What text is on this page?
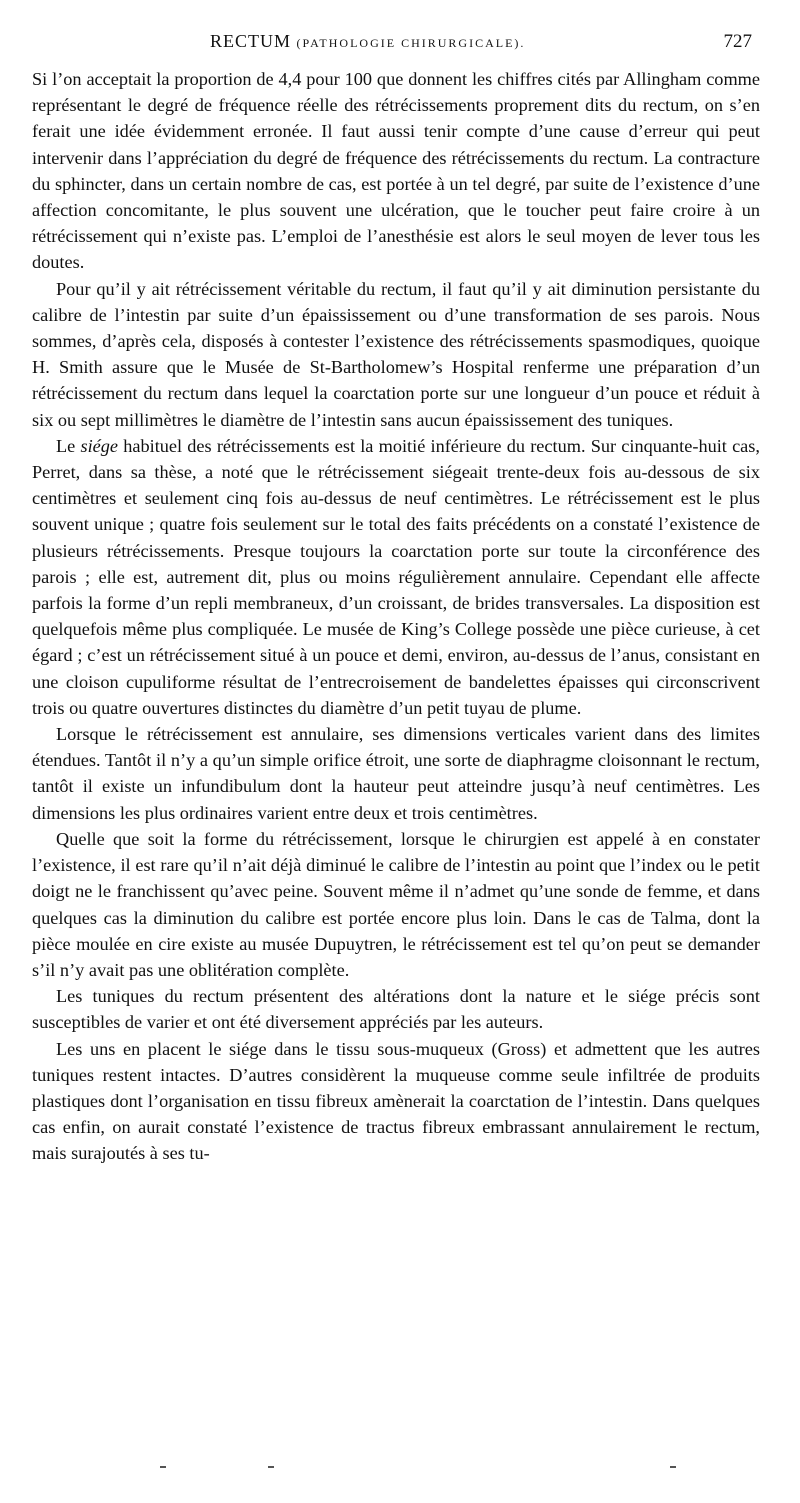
RECTUM (PATHOLOGIE CHIRURGICALE).	727

Si l’on acceptait la proportion de 4,4 pour 100 que donnent les chiffres cités par Allingham comme représentant le degré de fréquence réelle des rétrécissements proprement dits du rectum, on s’en ferait une idée évidemment erronée. Il faut aussi tenir compte d’une cause d’erreur qui peut intervenir dans l’appréciation du degré de fréquence des rétrécissements du rectum. La contracture du sphincter, dans un certain nombre de cas, est portée à un tel degré, par suite de l’existence d’une affection concomitante, le plus souvent une ulcération, que le toucher peut faire croire à un rétrécissement qui n’existe pas. L’emploi de l’anesthésie est alors le seul moyen de lever tous les doutes.

Pour qu’il y ait rétrécissement véritable du rectum, il faut qu’il y ait diminution persistante du calibre de l’intestin par suite d’un épaississement ou d’une transformation de ses parois. Nous sommes, d’après cela, disposés à contester l’existence des rétrécissements spasmodiques, quoique H. Smith assure que le Musée de St-Bartholomew’s Hospital renferme une préparation d’un rétrécissement du rectum dans lequel la coarctation porte sur une longueur d’un pouce et réduit à six ou sept millimètres le diamètre de l’intestin sans aucun épaississement des tuniques.

Le siége habituel des rétrécissements est la moitié inférieure du rectum. Sur cinquante-huit cas, Perret, dans sa thèse, a noté que le rétrécissement siégeait trente-deux fois au-dessous de six centimètres et seulement cinq fois au-dessus de neuf centimètres. Le rétrécissement est le plus souvent unique ; quatre fois seulement sur le total des faits précédents on a constaté l’existence de plusieurs rétrécissements. Presque toujours la coarctation porte sur toute la circonférence des parois ; elle est, autrement dit, plus ou moins régulièrement annulaire. Cependant elle affecte parfois la forme d’un repli membraneux, d’un croissant, de brides transversales. La disposition est quelquefois même plus compliquée. Le musée de King’s College possède une pièce curieuse, à cet égard ; c’est un rétrécissement situé à un pouce et demi, environ, au-dessus de l’anus, consistant en une cloison cupuliforme résultat de l’entrecroisement de bandelettes épaisses qui circonscrivent trois ou quatre ouvertures distinctes du diamètre d’un petit tuyau de plume.

Lorsque le rétrécissement est annulaire, ses dimensions verticales varient dans des limites étendues. Tantôt il n’y a qu’un simple orifice étroit, une sorte de diaphragme cloisonnant le rectum, tantôt il existe un infundibulum dont la hauteur peut atteindre jusqu’à neuf centimètres. Les dimensions les plus ordinaires varient entre deux et trois centimètres.

Quelle que soit la forme du rétrécissement, lorsque le chirurgien est appelé à en constater l’existence, il est rare qu’il n’ait déjà diminué le calibre de l’intestin au point que l’index ou le petit doigt ne le franchissent qu’avec peine. Souvent même il n’admet qu’une sonde de femme, et dans quelques cas la diminution du calibre est portée encore plus loin. Dans le cas de Talma, dont la pièce moulée en cire existe au musée Dupuytren, le rétrécissement est tel qu’on peut se demander s’il n’y avait pas une oblitération complète.

Les tuniques du rectum présentent des altérations dont la nature et le siége précis sont susceptibles de varier et ont été diversement appréciés par les auteurs.

Les uns en placent le siége dans le tissu sous-muqueux (Gross) et admettent que les autres tuniques restent intactes. D’autres considèrent la muqueuse comme seule infiltrée de produits plastiques dont l’organisation en tissu fibreux amènerait la coarctation de l’intestin. Dans quelques cas enfin, on aurait constaté l’existence de tractus fibreux embrassant annulairement le rectum, mais surajoutés à ses tu-
